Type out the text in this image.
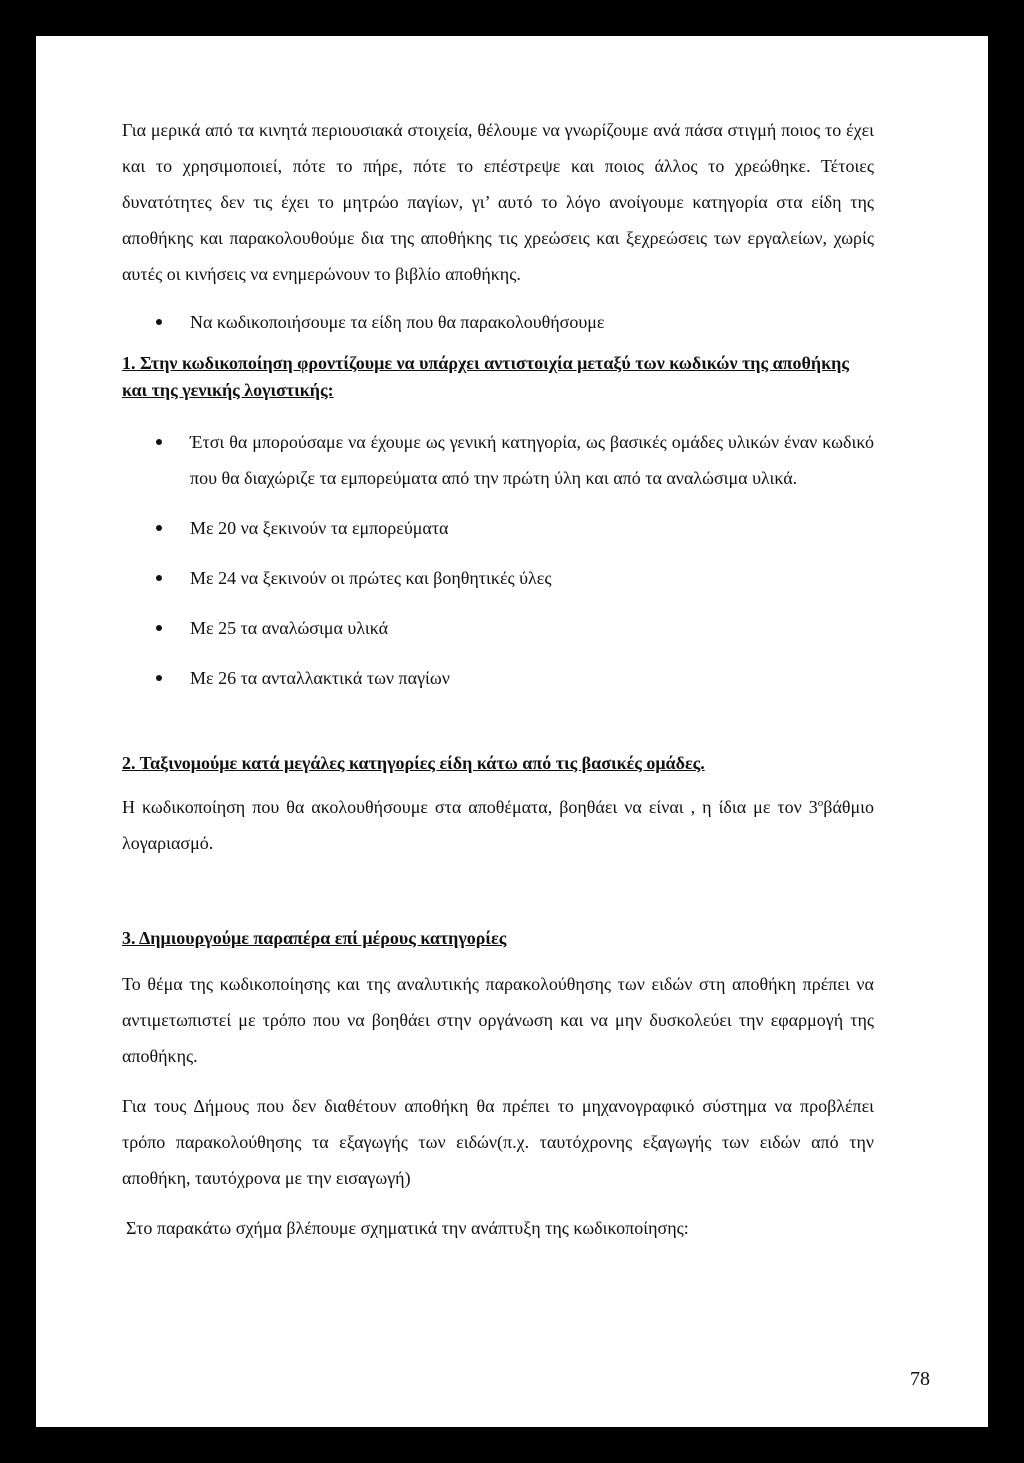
Για μερικά από τα κινητά περιουσιακά στοιχεία, θέλουμε να γνωρίζουμε ανά πάσα στιγμή ποιος το έχει και το χρησιμοποιεί, πότε το πήρε, πότε το επέστρεψε και ποιος άλλος το χρεώθηκε. Τέτοιες δυνατότητες δεν τις έχει το μητρώο παγίων, γι’ αυτό το λόγο ανοίγουμε κατηγορία στα είδη της αποθήκης και παρακολουθούμε δια της αποθήκης τις χρεώσεις και ξεχρεώσεις των εργαλείων, χωρίς αυτές οι κινήσεις να ενημερώνουν το βιβλίο αποθήκης.

Να κωδικοποιήσουμε τα είδη που θα παρακολουθήσουμε

1. Στην κωδικοποίηση φροντίζουμε να υπάρχει αντιστοιχία μεταξύ των κωδικών της αποθήκης και της γενικής λογιστικής:

Έτσι θα μπορούσαμε να έχουμε ως γενική κατηγορία, ως βασικές ομάδες υλικών έναν κωδικό που θα διαχώριζε τα εμπορεύματα από την πρώτη ύλη και από τα αναλώσιμα υλικά.

Με 20 να ξεκινούν τα εμπορεύματα

Με 24 να ξεκινούν οι πρώτες και βοηθητικές ύλες

Με 25 τα αναλώσιμα υλικά

Με 26 τα ανταλλακτικά των παγίων

2. Ταξινομούμε κατά μεγάλες κατηγορίες είδη κάτω από τις βασικές ομάδες.

Η κωδικοποίηση που θα ακολουθήσουμε στα αποθέματα, βοηθάει να είναι , η ίδια με τον $3^o\beta ά\theta\mu\iota o$ λογαριασμό.

3. Δημιουργούμε παραπέρα επί μέρους κατηγορίες

Το θέμα της κωδικοποίησης και της αναλυτικής παρακολούθησης των ειδών στη αποθήκη πρέπει να αντιμετωπιστεί με τρόπο που να βοηθάει στην οργάνωση και να μην δυσκολεύει την εφαρμογή της αποθήκης.

Για τους Δήμους που δεν διαθέτουν αποθήκη θα πρέπει το μηχανογραφικό σύστημα να προβλέπει τρόπο παρακολούθησης τα εξαγωγής των ειδών(π.χ. ταυτόχρονης εξαγωγής των ειδών από την αποθήκη, ταυτόχρονα με την εισαγωγή)

Στο παρακάτω σχήμα βλέπουμε σχηματικά την ανάπτυξη της κωδικοποίησης:

78
